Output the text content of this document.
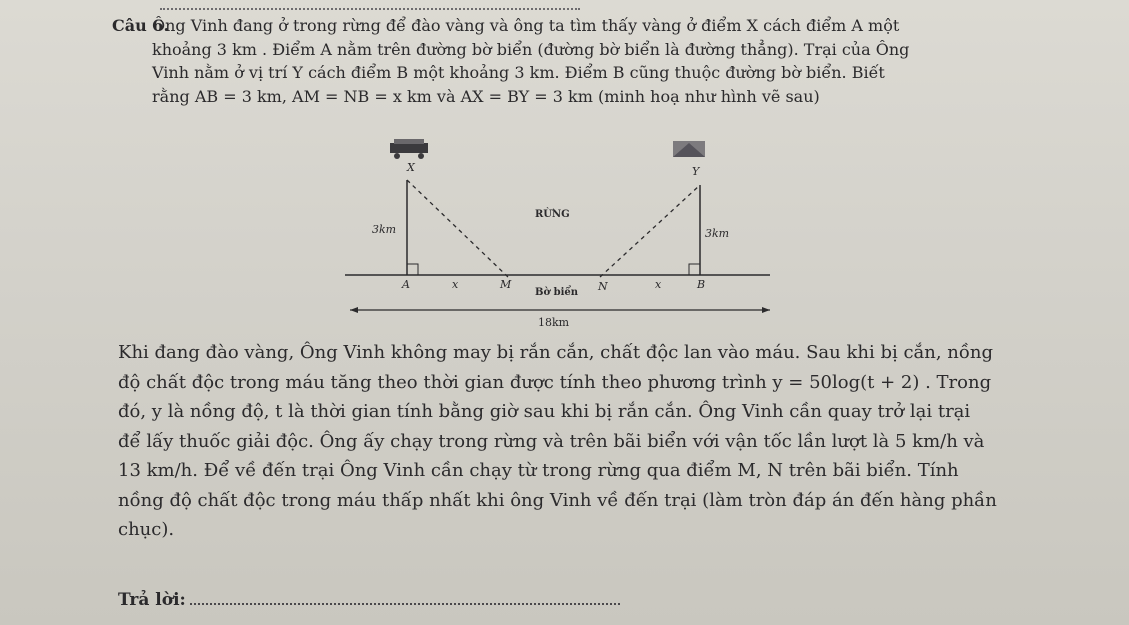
Câu 6.
Ông Vinh đang ở trong rừng để đào vàng và ông ta tìm thấy vàng ở điểm X cách điểm A một
khoảng 3 km . Điểm A nằm trên đường bờ biển (đường bờ biển là đường thẳng). Trại của Ông
Vinh nằm ở vị trí Y cách điểm B một khoảng 3 km. Điểm B cũng thuộc đường bờ biển. Biết
rằng AB = 3 km, AM = NB = x km và AX = BY = 3 km (minh hoạ như hình vẽ sau)
X	Y
RỪNG
3km	3km
A	x	M
Bờ biển N	x	B
18km
Khi đang đào vàng, Ông Vinh không may bị rắn cắn, chất độc lan vào máu. Sau khi bị cắn, nồng
độ chất độc trong máu tăng theo thời gian được tính theo phương trình y = 50log(t + 2) . Trong
đó, y là nồng độ, t là thời gian tính bằng giờ sau khi bị rắn cắn. Ông Vinh cần quay trở lại trại
để lấy thuốc giải độc. Ông ấy chạy trong rừng và trên bãi biển với vận tốc lần lượt là 5 km/h và
13 km/h. Để về đến trại Ông Vinh cần chạy từ trong rừng qua điểm M, N trên bãi biển. Tính
nồng độ chất độc trong máu thấp nhất khi ông Vinh về đến trại (làm tròn đáp án đến hàng phần
chục).
Trả lời:
